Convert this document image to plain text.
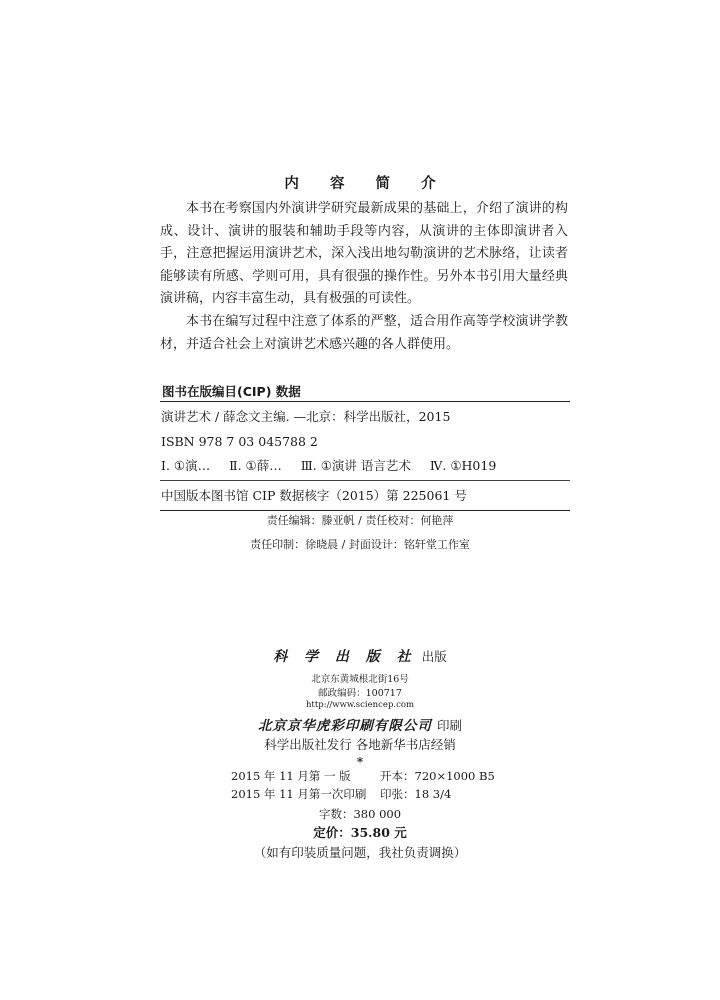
内 容 简 介

本书在考察国内外演讲学研究最新成果的基础上，介绍了演讲的构成、设计、演讲的服装和辅助手段等内容，从演讲的主体即演讲者入手，注意把握运用演讲艺术，深入浅出地勾勒演讲的艺术脉络，让读者能够读有所感、学则可用，具有很强的操作性。另外本书引用大量经典演讲稿，内容丰富生动，具有极强的可读性。

本书在编写过程中注意了体系的严整，适合用作高等学校演讲学教材，并适合社会上对演讲艺术感兴趣的各人群使用。

图书在版编目(CIP) 数据
演讲艺术 / 薛念文主编. —北京：科学出版社，2015
ISBN 978 7 03 045788 2
Ⅰ. ①演… Ⅱ. ①薛… Ⅲ. ①演讲 语言艺术 Ⅳ. ①H019
中国版本图书馆 CIP 数据核字（2015）第 225061 号
责任编辑：滕亚帆 / 责任校对：何艳萍
责任印制：徐晓晨 / 封面设计：铭轩堂工作室
科 学 出 版 社 出版
北京东黄城根北街16号
邮政编码：100717
http://www.sciencep.com
北京京华虎彩印刷有限公司 印刷
科学出版社发行 各地新华书店经销
*
2015 年 11 月第 一 版	开本：720×1000 B5
2015 年 11 月第一次印刷 印张：18 3/4
字数：380 000
定价：35.80 元
（如有印装质量问题，我社负责调换）
